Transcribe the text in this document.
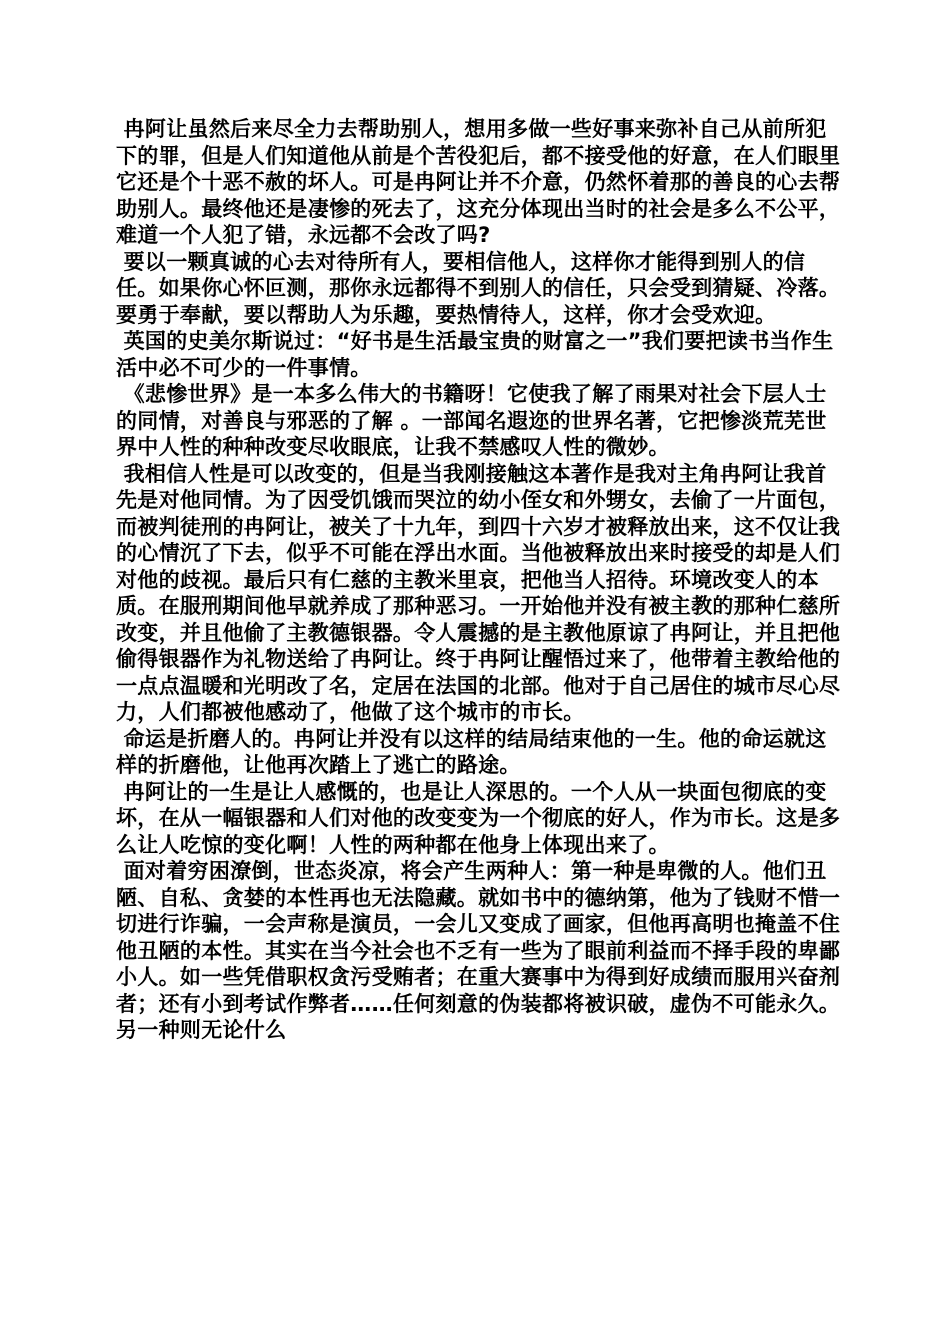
冉阿让虽然后来尽全力去帮助别人，想用多做一些好事来弥补自己从前所犯下的罪，但是人们知道他从前是个苦役犯后，都不接受他的好意，在人们眼里它还是个十恶不赦的坏人。可是冉阿让并不介意，仍然怀着那的善良的心去帮助别人。最终他还是凄惨的死去了，这充分体现出当时的社会是多么不公平，难道一个人犯了错，永远都不会改了吗?

要以一颗真诚的心去对待所有人，要相信他人，这样你才能得到别人的信任。如果你心怀叵测，那你永远都得不到别人的信任，只会受到猜疑、冷落。要勇于奉献，要以帮助人为乐趣，要热情待人，这样，你才会受欢迎。

英国的史美尔斯说过：“好书是生活最宝贵的财富之一”我们要把读书当作生活中必不可少的一件事情。

《悲惨世界》是一本多么伟大的书籍呀！它使我了解了雨果对社会下层人士的同情，对善良与邪恶的了解 。一部闻名遐迩的世界名著，它把惨淡荒芜世界中人性的种种改变尽收眼底，让我不禁感叹人性的微妙。

我相信人性是可以改变的，但是当我刚接触这本著作是我对主角冉阿让我首先是对他同情。为了因受饥饿而哭泣的幼小侄女和外甥女，去偷了一片面包，而被判徒刑的冉阿让，被关了十九年，到四十六岁才被释放出来，这不仅让我的心情沉了下去，似乎不可能在浮出水面。当他被释放出来时接受的却是人们对他的歧视。最后只有仁慈的主教米里哀，把他当人招待。环境改变人的本质。在服刑期间他早就养成了那种恶习。一开始他并没有被主教的那种仁慈所改变，并且他偷了主教德银器。令人震撼的是主教他原谅了冉阿让，并且把他偷得银器作为礼物送给了冉阿让。终于冉阿让醒悟过来了，他带着主教给他的一点点温暖和光明改了名，定居在法国的北部。他对于自己居住的城市尽心尽力，人们都被他感动了，他做了这个城市的市长。

命运是折磨人的。冉阿让并没有以这样的结局结束他的一生。他的命运就这样的折磨他，让他再次踏上了逃亡的路途。

冉阿让的一生是让人感慨的，也是让人深思的。一个人从一块面包彻底的变坏，在从一幅银器和人们对他的改变变为一个彻底的好人，作为市长。这是多么让人吃惊的变化啊！人性的两种都在他身上体现出来了。

面对着穷困潦倒，世态炎凉，将会产生两种人：第一种是卑微的人。他们丑陋、自私、贪婪的本性再也无法隐藏。就如书中的德纳第，他为了钱财不惜一切进行诈骗，一会声称是演员，一会儿又变成了画家，但他再高明也掩盖不住他丑陋的本性。其实在当今社会也不乏有一些为了眼前利益而不择手段的卑鄙小人。如一些凭借职权贪污受贿者；在重大赛事中为得到好成绩而服用兴奋剂者；还有小到考试作弊者……任何刻意的伪装都将被识破，虚伪不可能永久。另一种则无论什么
